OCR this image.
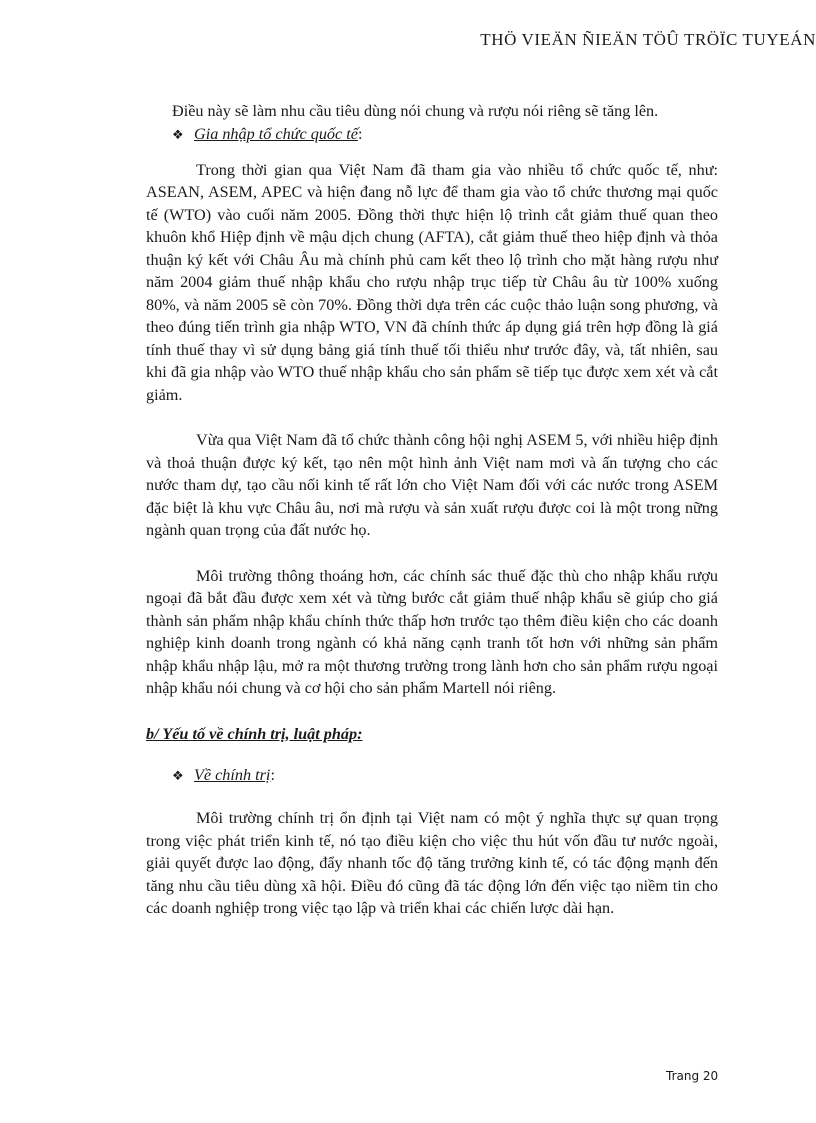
THÖ VIEÄN ÑIEÄN TÖÛ TRÖÏC TUYEÁN

Điều này sẽ làm nhu cầu tiêu dùng nói chung và rượu nói riêng sẽ tăng lên.

❖ Gia nhập tổ chức quốc tế:

Trong thời gian qua Việt Nam đã tham gia vào nhiều tổ chức quốc tế, như: ASEAN, ASEM, APEC và hiện đang nỗ lực để tham gia vào tổ chức thương mại quốc tế (WTO) vào cuối năm 2005. Đồng thời thực hiện lộ trình cắt giảm thuế quan theo khuôn khổ Hiệp định về mậu dịch chung (AFTA), cắt giảm thuế theo hiệp định và thỏa thuận ký kết với Châu Âu mà chính phủ cam kết theo lộ trình cho mặt hàng rượu như năm 2004 giảm thuế nhập khẩu cho rượu nhập trục tiếp từ Châu âu từ 100% xuống 80%, và năm 2005 sẽ còn 70%. Đồng thời dựa trên các cuộc thảo luận song phương, và theo đúng tiến trình gia nhập WTO, VN đã chính thức áp dụng giá trên hợp đồng là giá tính thuế thay vì sử dụng bảng giá tính thuế tối thiểu như trước đây, và, tất nhiên, sau khi đã gia nhập vào WTO thuế nhập khẩu cho sản phẩm sẽ tiếp tục được xem xét và cắt giảm.

Vừa qua Việt Nam đã tổ chức thành công hội nghị ASEM 5, với nhiều hiệp định và thoả thuận được ký kết, tạo nên một hình ảnh Việt nam mơi và ấn tượng cho các nước tham dự, tạo cầu nối kinh tế rất lớn cho Việt Nam đối với các nước trong ASEM đặc biệt là khu vực Châu âu, nơi mà rượu và sản xuất rượu được coi là một trong nững ngành quan trọng của đất nước họ.

Môi trường thông thoáng hơn, các chính sác thuế đặc thù cho nhập khẩu rượu ngoại đã bắt đầu được xem xét và từng bước cắt giảm thuế nhập khẩu sẽ giúp cho giá thành sản phẩm nhập khẩu chính thức thấp hơn trước tạo thêm điều kiện cho các doanh nghiệp kinh doanh trong ngành có khả năng cạnh tranh tốt hơn với những sản phẩm nhập khẩu nhập lậu, mở ra một thương trường trong lành hơn cho sản phẩm rượu ngoại nhập khẩu nói chung và cơ hội cho sản phẩm Martell nói riêng.

b/ Yếu tố về chính trị, luật pháp:

❖ Về chính trị:

Môi trường chính trị ổn định tại Việt nam có một ý nghĩa thực sự quan trọng trong việc phát triển kinh tế, nó tạo điều kiện cho việc thu hút vốn đầu tư nước ngoài, giải quyết được lao động, đẩy nhanh tốc độ tăng trưởng kinh tế, có tác động mạnh đến tăng nhu cầu tiêu dùng xã hội. Điều đó cũng đã tác động lớn đến việc tạo niềm tin cho các doanh nghiệp trong việc tạo lập và triển khai các chiến lược dài hạn.

Trang 20
